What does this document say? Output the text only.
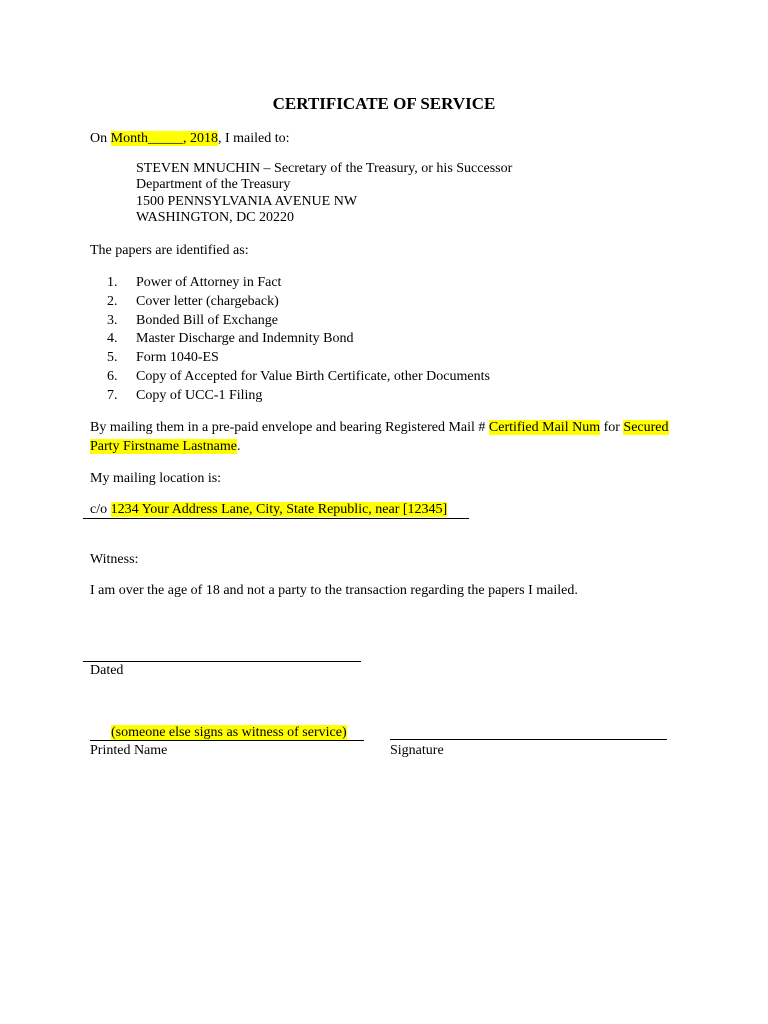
CERTIFICATE OF SERVICE
On Month_____, 2018, I mailed to:
STEVEN MNUCHIN – Secretary of the Treasury, or his Successor
Department of the Treasury
1500 PENNSYLVANIA AVENUE NW
WASHINGTON, DC 20220
The papers are identified as:
1. Power of Attorney in Fact
2. Cover letter (chargeback)
3. Bonded Bill of Exchange
4. Master Discharge and Indemnity Bond
5. Form 1040-ES
6. Copy of Accepted for Value Birth Certificate, other Documents
7. Copy of UCC-1 Filing
By mailing them in a pre-paid envelope and bearing Registered Mail # Certified Mail Num for Secured
Party Firstname Lastname.
My mailing location is:
c/o 1234 Your Address Lane, City, State Republic, near [12345]
Witness:
I am over the age of 18 and not a party to the transaction regarding the papers I mailed.
Dated
(someone else signs as witness of service)
Printed Name	Signature
